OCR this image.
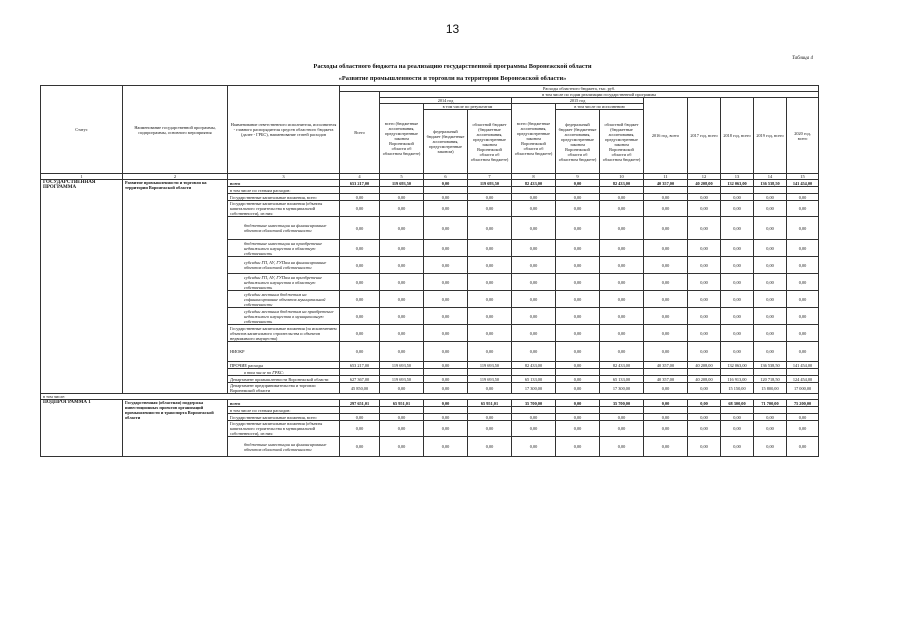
13
Таблица 4
Расходы областного бюджета на реализацию государственной программы Воронежской области
«Развитие промышленности и торговли на территории Воронежской области»
Статус	Наименование государственной программы, подпрограммы, основного мероприятия	Наименование ответственного исполнителя, исполнителя - главного распорядителя средств областного бюджета (далее - ГРБС), наименование статей расходов	Расходы областного бюджета, тыс. руб.											
			Всего	в том числе по годам реализации государственной программы										
				2014 год			2015 год			2016 год, всего	2017 год, всего	2018 год, всего	2019 год, всего	2020 год, всего
				всего (бюджетные ассигнования, предусмотренные законом Воронежской области об областном бюджете)	в том числе по результатам		всего (бюджетные ассигнования, предусмотренные законом Воронежской области об областном бюджете)	в том числе по исполнению						
					федеральный бюджет (бюджетные ассигнования, предусмотренные законом)	областной бюджет (бюджетные ассигнования, предусмотренные законом Воронежской области об областном бюджете)		федеральный бюджет (бюджетные ассигнования, предусмотренные законом Воронежской области об областном бюджете)	областной бюджет (бюджетные ассигнования, предусмотренные законом Воронежской области об областном бюджете)					
1	2	3	4	5	6	7	8	9	10	11	12	13	14	15
ГОСУДАРСТВЕННАЯ ПРОГРАММА	Развитие промышленности и торговли на территории Воронежской области	всего	653 217,00	119 693,50	0,00	119 693,50	82 433,00	0,00	82 433,00	40 357,00	40 208,00	132 063,00	136 538,50	141 454,00
		в том числе по статьям расходов:												
		Государственные капитальные вложения, всего	0,00	0,00	0,00	0,00	0,00	0,00	0,00	0,00	0,00	0,00	0,00	0,00
		Государственные капитальные вложения (объекты капитального строительства в муниципальной собственности), из них:	0,00	0,00	0,00	0,00	0,00	0,00	0,00	0,00	0,00	0,00	0,00	0,00
		бюджетные инвестиции на финансирование объектов областной собственности	0,00	0,00	0,00	0,00	0,00	0,00	0,00	0,00	0,00	0,00	0,00	0,00
		бюджетные инвестиции на приобретение недвижимого имущества в областную собственность	0,00	0,00	0,00	0,00	0,00	0,00	0,00	0,00	0,00	0,00	0,00	0,00
		субсидии ГП, АУ, ГУПам на финансирование объектов областной собственности	0,00	0,00	0,00	0,00	0,00	0,00	0,00	0,00	0,00	0,00	0,00	0,00
		субсидии ГП, АУ, ГУПам на приобретение недвижимого имущества в областную собственность	0,00	0,00	0,00	0,00	0,00	0,00	0,00	0,00	0,00	0,00	0,00	0,00
		субсидии местным бюджетам на софинансирование объектов муниципальной собственности	0,00	0,00	0,00	0,00	0,00	0,00	0,00	0,00	0,00	0,00	0,00	0,00
		субсидии местным бюджетам на приобретение недвижимого имущества в муниципальную собственность	0,00	0,00	0,00	0,00	0,00	0,00	0,00	0,00	0,00	0,00	0,00	0,00
		Государственные капитальные вложения (за исключением объектов капитального строительства и объектов недвижимого имущества)	0,00	0,00	0,00	0,00	0,00	0,00	0,00	0,00	0,00	0,00	0,00	0,00
		НИОКР	0,00	0,00	0,00	0,00	0,00	0,00	0,00	0,00	0,00	0,00	0,00	0,00
		ПРОЧИЕ расходы	653 217,00	119 693,50	0,00	119 693,50	82 433,00	0,00	82 433,00	40 357,00	40 208,00	132 063,00	136 538,50	141 454,00
		в том числе по ГРБС:												
		Департамент промышленности Воронежской области	627 367,00	119 693,50	0,00	119 693,50	65 133,00	0,00	65 133,00	40 357,00	40 208,00	116 913,00	120 718,50	124 454,00
		Департамент предпринимательства и торговли Воронежской области	45 850,00	0,00	0,00	0,00	17 300,00	0,00	17 300,00	0,00	0,00	15 150,00	15 800,00	17 000,00
в том числе:														
ПОДПРОГРАММА 1	Государственная (областная) поддержка инвестиционных проектов организаций промышленности и транспорта Воронежской области	всего	297 651,01	65 951,01	0,00	65 951,01	35 700,00	0,00	35 700,00	0,00	0,00	68 300,00	71 700,00	75 200,00
		в том числе по статьям расходов:												
		Государственные капитальные вложения, всего	0,00	0,00	0,00	0,00	0,00	0,00	0,00	0,00	0,00	0,00	0,00	0,00
		Государственные капитальные вложения (объекты капитального строительства в муниципальной собственности), из них:	0,00	0,00	0,00	0,00	0,00	0,00	0,00	0,00	0,00	0,00	0,00	0,00
		бюджетные инвестиции на финансирование объектов областной собственности	0,00	0,00	0,00	0,00	0,00	0,00	0,00	0,00	0,00	0,00	0,00	0,00
